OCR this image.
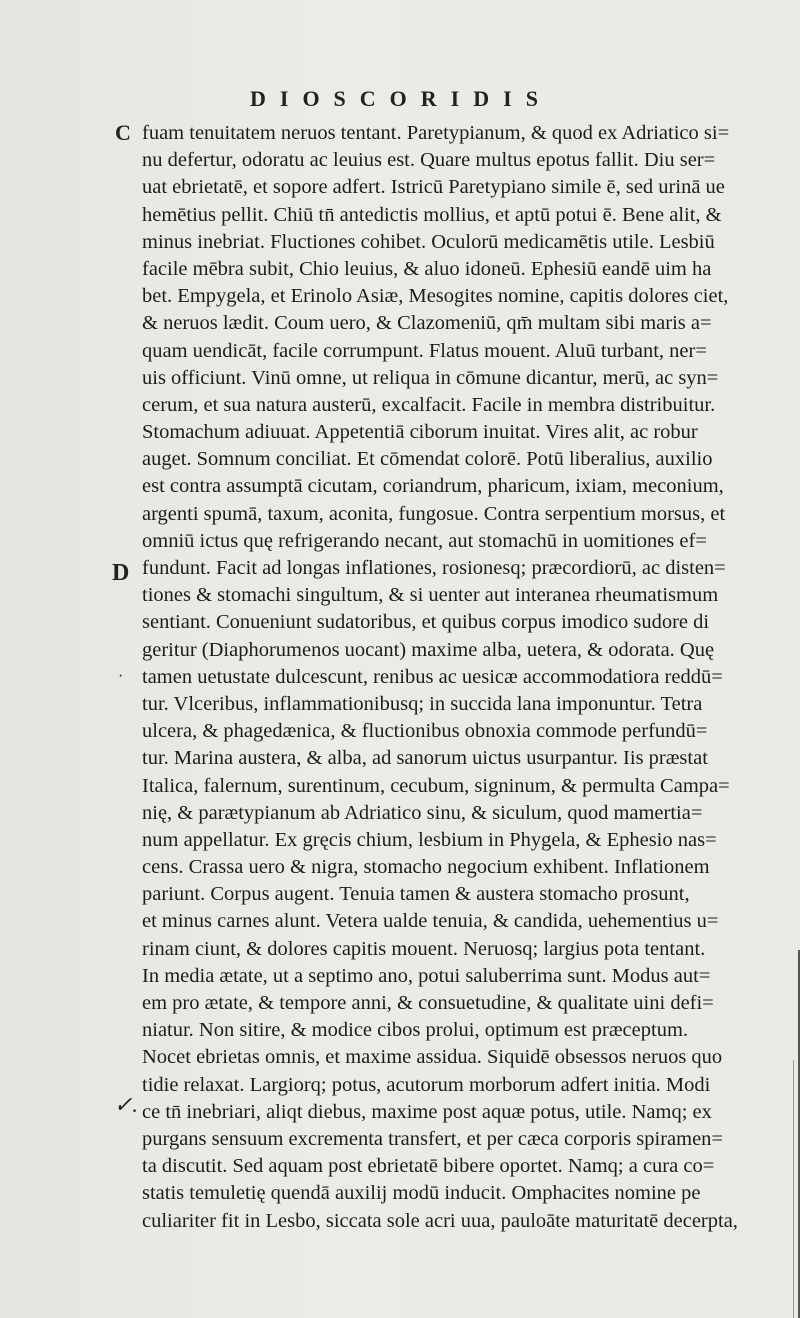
DIOSCORIDIS
C
D
·
✓.
fuam tenuitatem neruos tentant. Paretypianum, & quod ex Adriatico si=
nu defertur, odoratu ac leuius est. Quare multus epotus fallit. Diu ser=
uat ebrietatē, et sopore adfert. Istricū Paretypiano simile ē, sed urinā ue
hemētius pellit. Chiū tn̄ antedictis mollius, et aptū potui ē. Bene alit, &
minus inebriat. Fluctiones cohibet. Oculorū medicamētis utile. Lesbiū
facile mēbra subit, Chio leuius, & aluo idoneū. Ephesiū eandē uim ha
bet. Empygela, et Erinolo Asiæ, Mesogites nomine, capitis dolores ciet,
& neruos lædit. Coum uero, & Clazomeniū, qm̄ multam sibi maris a=
quam uendicāt, facile corrumpunt. Flatus mouent. Aluū turbant, ner=
uis officiunt. Vinū omne, ut reliqua in cōmune dicantur, merū, ac syn=
cerum, et sua natura austerū, excalfacit. Facile in membra distribuitur.
Stomachum adiuuat. Appetentiā ciborum inuitat. Vires alit, ac robur
auget. Somnum conciliat. Et cōmendat colorē. Potū liberalius, auxilio
est contra assumptā cicutam, coriandrum, pharicum, ixiam, meconium,
argenti spumā, taxum, aconita, fungosue. Contra serpentium morsus, et
omniū ictus quę refrigerando necant, aut stomachū in uomitiones ef=
fundunt. Facit ad longas inflationes, rosionesq; præcordiorū, ac disten=
tiones & stomachi singultum, & si uenter aut interanea rheumatismum
sentiant. Conueniunt sudatoribus, et quibus corpus imodico sudore di
geritur (Diaphorumenos uocant) maxime alba, uetera, & odorata. Quę
tamen uetustate dulcescunt, renibus ac uesicæ accommodatiora reddū=
tur. Vlceribus, inflammationibusq; in succida lana imponuntur. Tetra
ulcera, & phagedænica, & fluctionibus obnoxia commode perfundū=
tur. Marina austera, & alba, ad sanorum uictus usurpantur. Iis præstat
Italica, falernum, surentinum, cecubum, signinum, & permulta Campa=
nię, & parætypianum ab Adriatico sinu, & siculum, quod mamertia=
num appellatur. Ex gręcis chium, lesbium in Phygela, & Ephesio nas=
cens. Crassa uero & nigra, stomacho negocium exhibent. Inflationem
pariunt. Corpus augent. Tenuia tamen & austera stomacho prosunt,
et minus carnes alunt. Vetera ualde tenuia, & candida, uehementius u=
rinam ciunt, & dolores capitis mouent. Neruosq; largius pota tentant.
In media ætate, ut a septimo ano, potui saluberrima sunt. Modus aut=
em pro ætate, & tempore anni, & consuetudine, & qualitate uini defi=
niatur. Non sitire, & modice cibos prolui, optimum est præceptum.
Nocet ebrietas omnis, et maxime assidua. Siquidē obsessos neruos quo
tidie relaxat. Largiorq; potus, acutorum morborum adfert initia. Modi
ce tn̄ inebriari, aliqt diebus, maxime post aquæ potus, utile. Namq; ex
purgans sensuum excrementa transfert, et per cæca corporis spiramen=
ta discutit. Sed aquam post ebrietatē bibere oportet. Namq; a cura co=
statis temuletię quendā auxilij modū inducit. Omphacites nomine pe
culiariter fit in Lesbo, siccata sole acri uua, pauloāte maturitatē decerpta,
